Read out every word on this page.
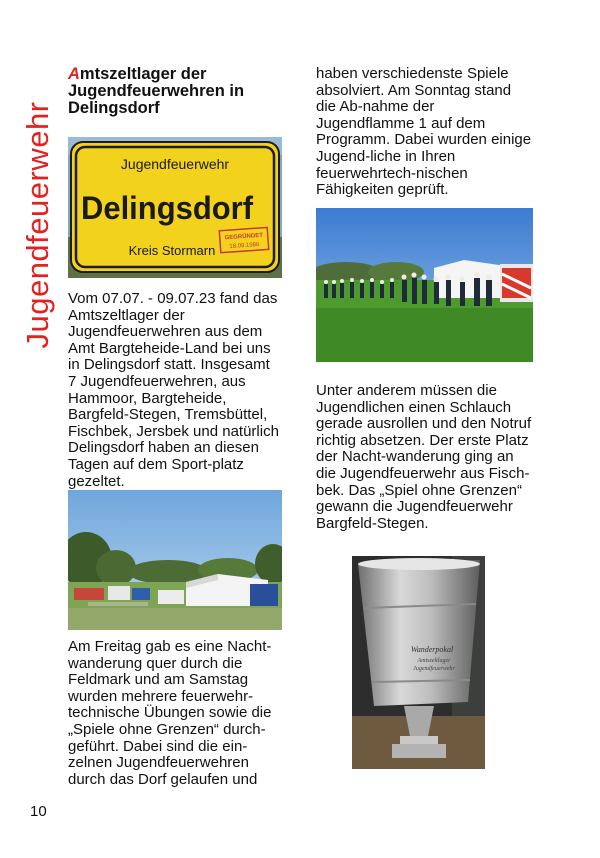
Jugendfeuerwehr
Amtszeltlager der Jugendfeuerwehren in Delingsdorf
Jugendfeuerwehr
Delingsdorf
Kreis Stormarn
GEGRÜNDET
18.09.1986

Vom 07.07. - 09.07.23 fand das Amtszeltlager der Jugendfeuerwehren aus dem Amt Bargteheide-Land bei uns in Delingsdorf statt. Insgesamt 7 Jugendfeuerwehren, aus Hammoor, Bargteheide, Bargfeld-Stegen, Tremsbüttel, Fischbek, Jersbek und natürlich Delingsdorf haben an diesen Tagen auf dem Sport-platz gezeltet.

Am Freitag gab es eine Nacht-wanderung quer durch die Feldmark und am Samstag wurden mehrere feuerwehr-technische Übungen sowie die „Spiele ohne Grenzen“ durch-geführt. Dabei sind die ein-zelnen Jugendfeuerwehren durch das Dorf gelaufen und

haben verschiedenste Spiele absolviert. Am Sonntag stand die Ab-nahme der Jugendflamme 1 auf dem Programm. Dabei wurden einige Jugend-liche in Ihren feuerwehrtech-nischen Fähigkeiten geprüft.

Unter anderem müssen die Jugendlichen einen Schlauch gerade ausrollen und den Notruf richtig absetzen. Der erste Platz der Nacht-wanderung ging an die Jugendfeuerwehr aus Fisch-bek. Das „Spiel ohne Grenzen“ gewann die Jugendfeuerwehr Bargfeld-Stegen.

Wanderpokal
Amtszeltlager
Jugendfeuerwehr
10
